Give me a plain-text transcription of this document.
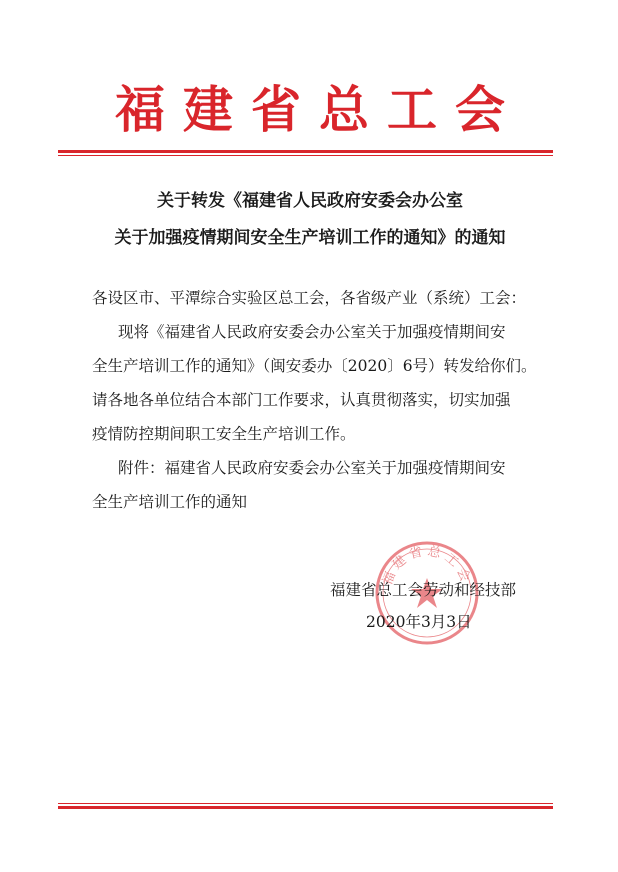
福建省总工会
关于转发《福建省人民政府安委会办公室
关于加强疫情期间安全生产培训工作的通知》的通知
各设区市、平潭综合实验区总工会，各省级产业（系统）工会：
现将《福建省人民政府安委会办公室关于加强疫情期间安
全生产培训工作的通知》（闽安委办〔2020〕6号）转发给你们。
请各地各单位结合本部门工作要求，认真贯彻落实，切实加强
疫情防控期间职工安全生产培训工作。
附件：福建省人民政府安委会办公室关于加强疫情期间安
全生产培训工作的通知
福建省总工会
福建省总工会劳动和经技部
2020年3月3日
